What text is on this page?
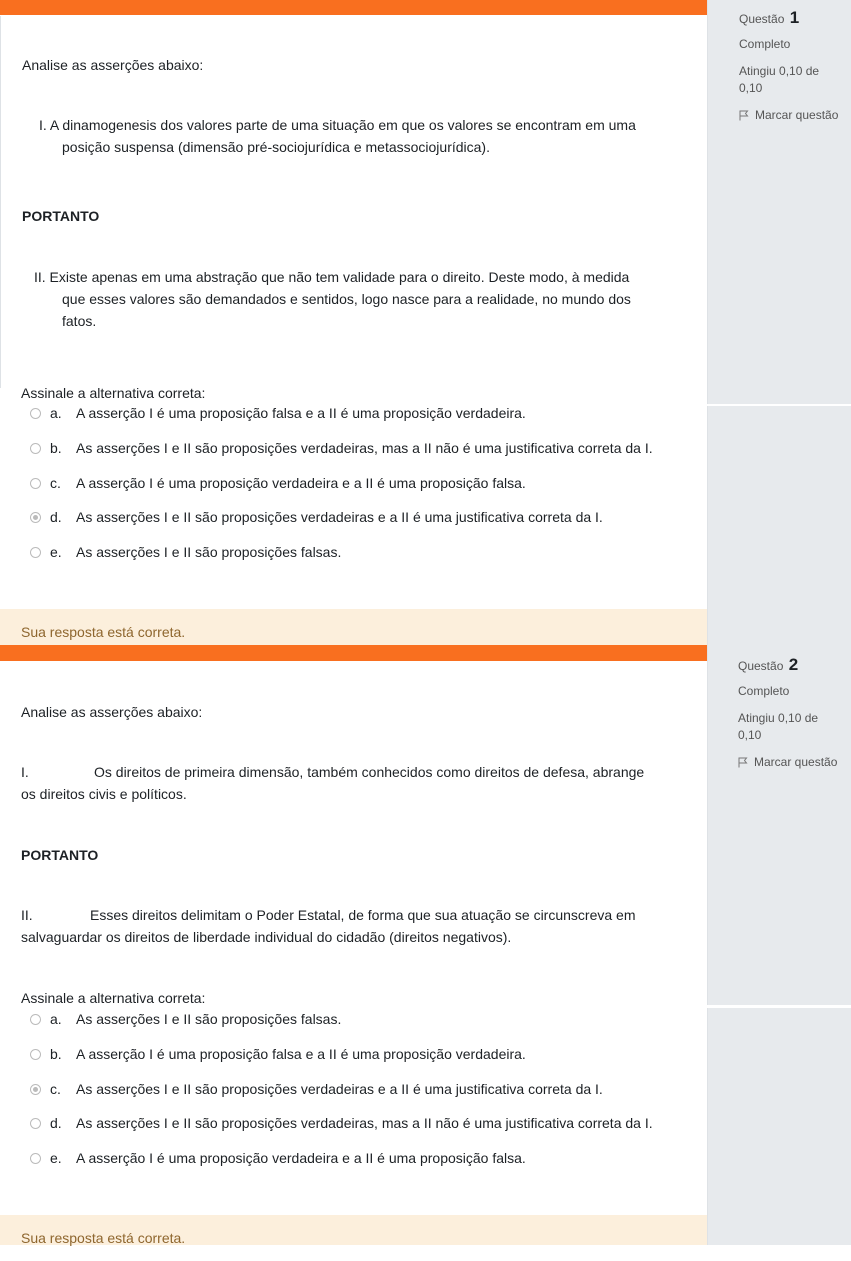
Questão 1
Completo
Atingiu 0,10 de 0,10
Marcar questão
Analise as asserções abaixo:
I. A dinamogenesis dos valores parte de uma situação em que os valores se encontram em uma
posição suspensa (dimensão pré-sociojurídica e metassociojurídica).
PORTANTO
II. Existe apenas em uma abstração que não tem validade para o direito. Deste modo, à medida
que esses valores são demandados e sentidos, logo nasce para a realidade, no mundo dos
fatos.
Assinale a alternativa correta:
a.	A asserção I é uma proposição falsa e a II é uma proposição verdadeira.
b.	As asserções I e II são proposições verdadeiras, mas a II não é uma justificativa correta da I.
c.	A asserção I é uma proposição verdadeira e a II é uma proposição falsa.
d.	As asserções I e II são proposições verdadeiras e a II é uma justificativa correta da I.
e.	As asserções I e II são proposições falsas.
Sua resposta está correta.
Questão 2
Completo
Atingiu 0,10 de 0,10
Marcar questão
Analise as asserções abaixo:
I.	Os direitos de primeira dimensão, também conhecidos como direitos de defesa, abrange
os direitos civis e políticos.
PORTANTO
II.	Esses direitos delimitam o Poder Estatal, de forma que sua atuação se circunscreva em
salvaguardar os direitos de liberdade individual do cidadão (direitos negativos).
Assinale a alternativa correta:
a.	As asserções I e II são proposições falsas.
b.	A asserção I é uma proposição falsa e a II é uma proposição verdadeira.
c.	As asserções I e II são proposições verdadeiras e a II é uma justificativa correta da I.
d.	As asserções I e II são proposições verdadeiras, mas a II não é uma justificativa correta da I.
e.	A asserção I é uma proposição verdadeira e a II é uma proposição falsa.
Sua resposta está correta.
